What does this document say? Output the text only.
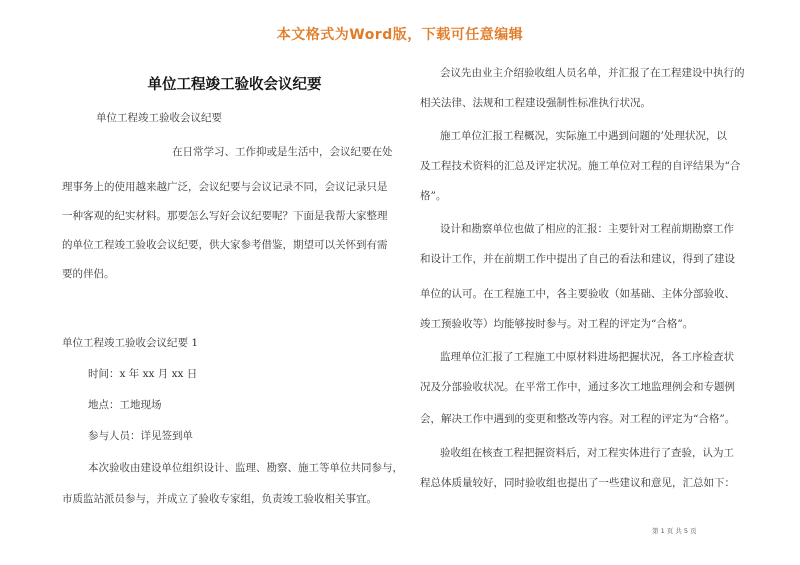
本文格式为Word版，下载可任意编辑
单位工程竣工验收会议纪要
单位工程竣工验收会议纪要
在日常学习、工作抑或是生活中，会议纪要在处
理事务上的使用越来越广泛，会议纪要与会议记录不同，会议记录只是
一种客观的纪实材料。那要怎么写好会议纪要呢？下面是我帮大家整理
的单位工程竣工验收会议纪要，供大家参考借鉴，期望可以关怀到有需
要的伴侣。
单位工程竣工验收会议纪要 1
时间：x 年 xx 月 xx 日
地点：工地现场
参与人员：详见签到单
本次验收由建设单位组织设计、监理、勘察、施工等单位共同参与，
市质监站派员参与，并成立了验收专家组，负责竣工验收相关事宜。
会议先由业主介绍验收组人员名单，并汇报了在工程建设中执行的
相关法律、法规和工程建设强制性标准执行状况。
施工单位汇报工程概况，实际施工中遇到问题的’处理状况，以
及工程技术资料的汇总及评定状况。施工单位对工程的自评结果为“合
格”。
设计和勘察单位也做了相应的汇报：主要针对工程前期勘察工作
和设计工作，并在前期工作中提出了自己的看法和建议，得到了建设
单位的认可。在工程施工中，各主要验收（如基础、主体分部验收、
竣工预验收等）均能够按时参与。对工程的评定为“合格”。
监理单位汇报了工程施工中原材料进场把握状况，各工序检查状
况及分部验收状况。在平常工作中，通过多次工地监理例会和专题例
会，解决工作中遇到的变更和整改等内容。对工程的评定为“合格”。
验收组在核查工程把握资料后，对工程实体进行了查验，认为工
程总体质量较好，同时验收组也提出了一些建议和意见，汇总如下：
第 1 页 共 5 页
